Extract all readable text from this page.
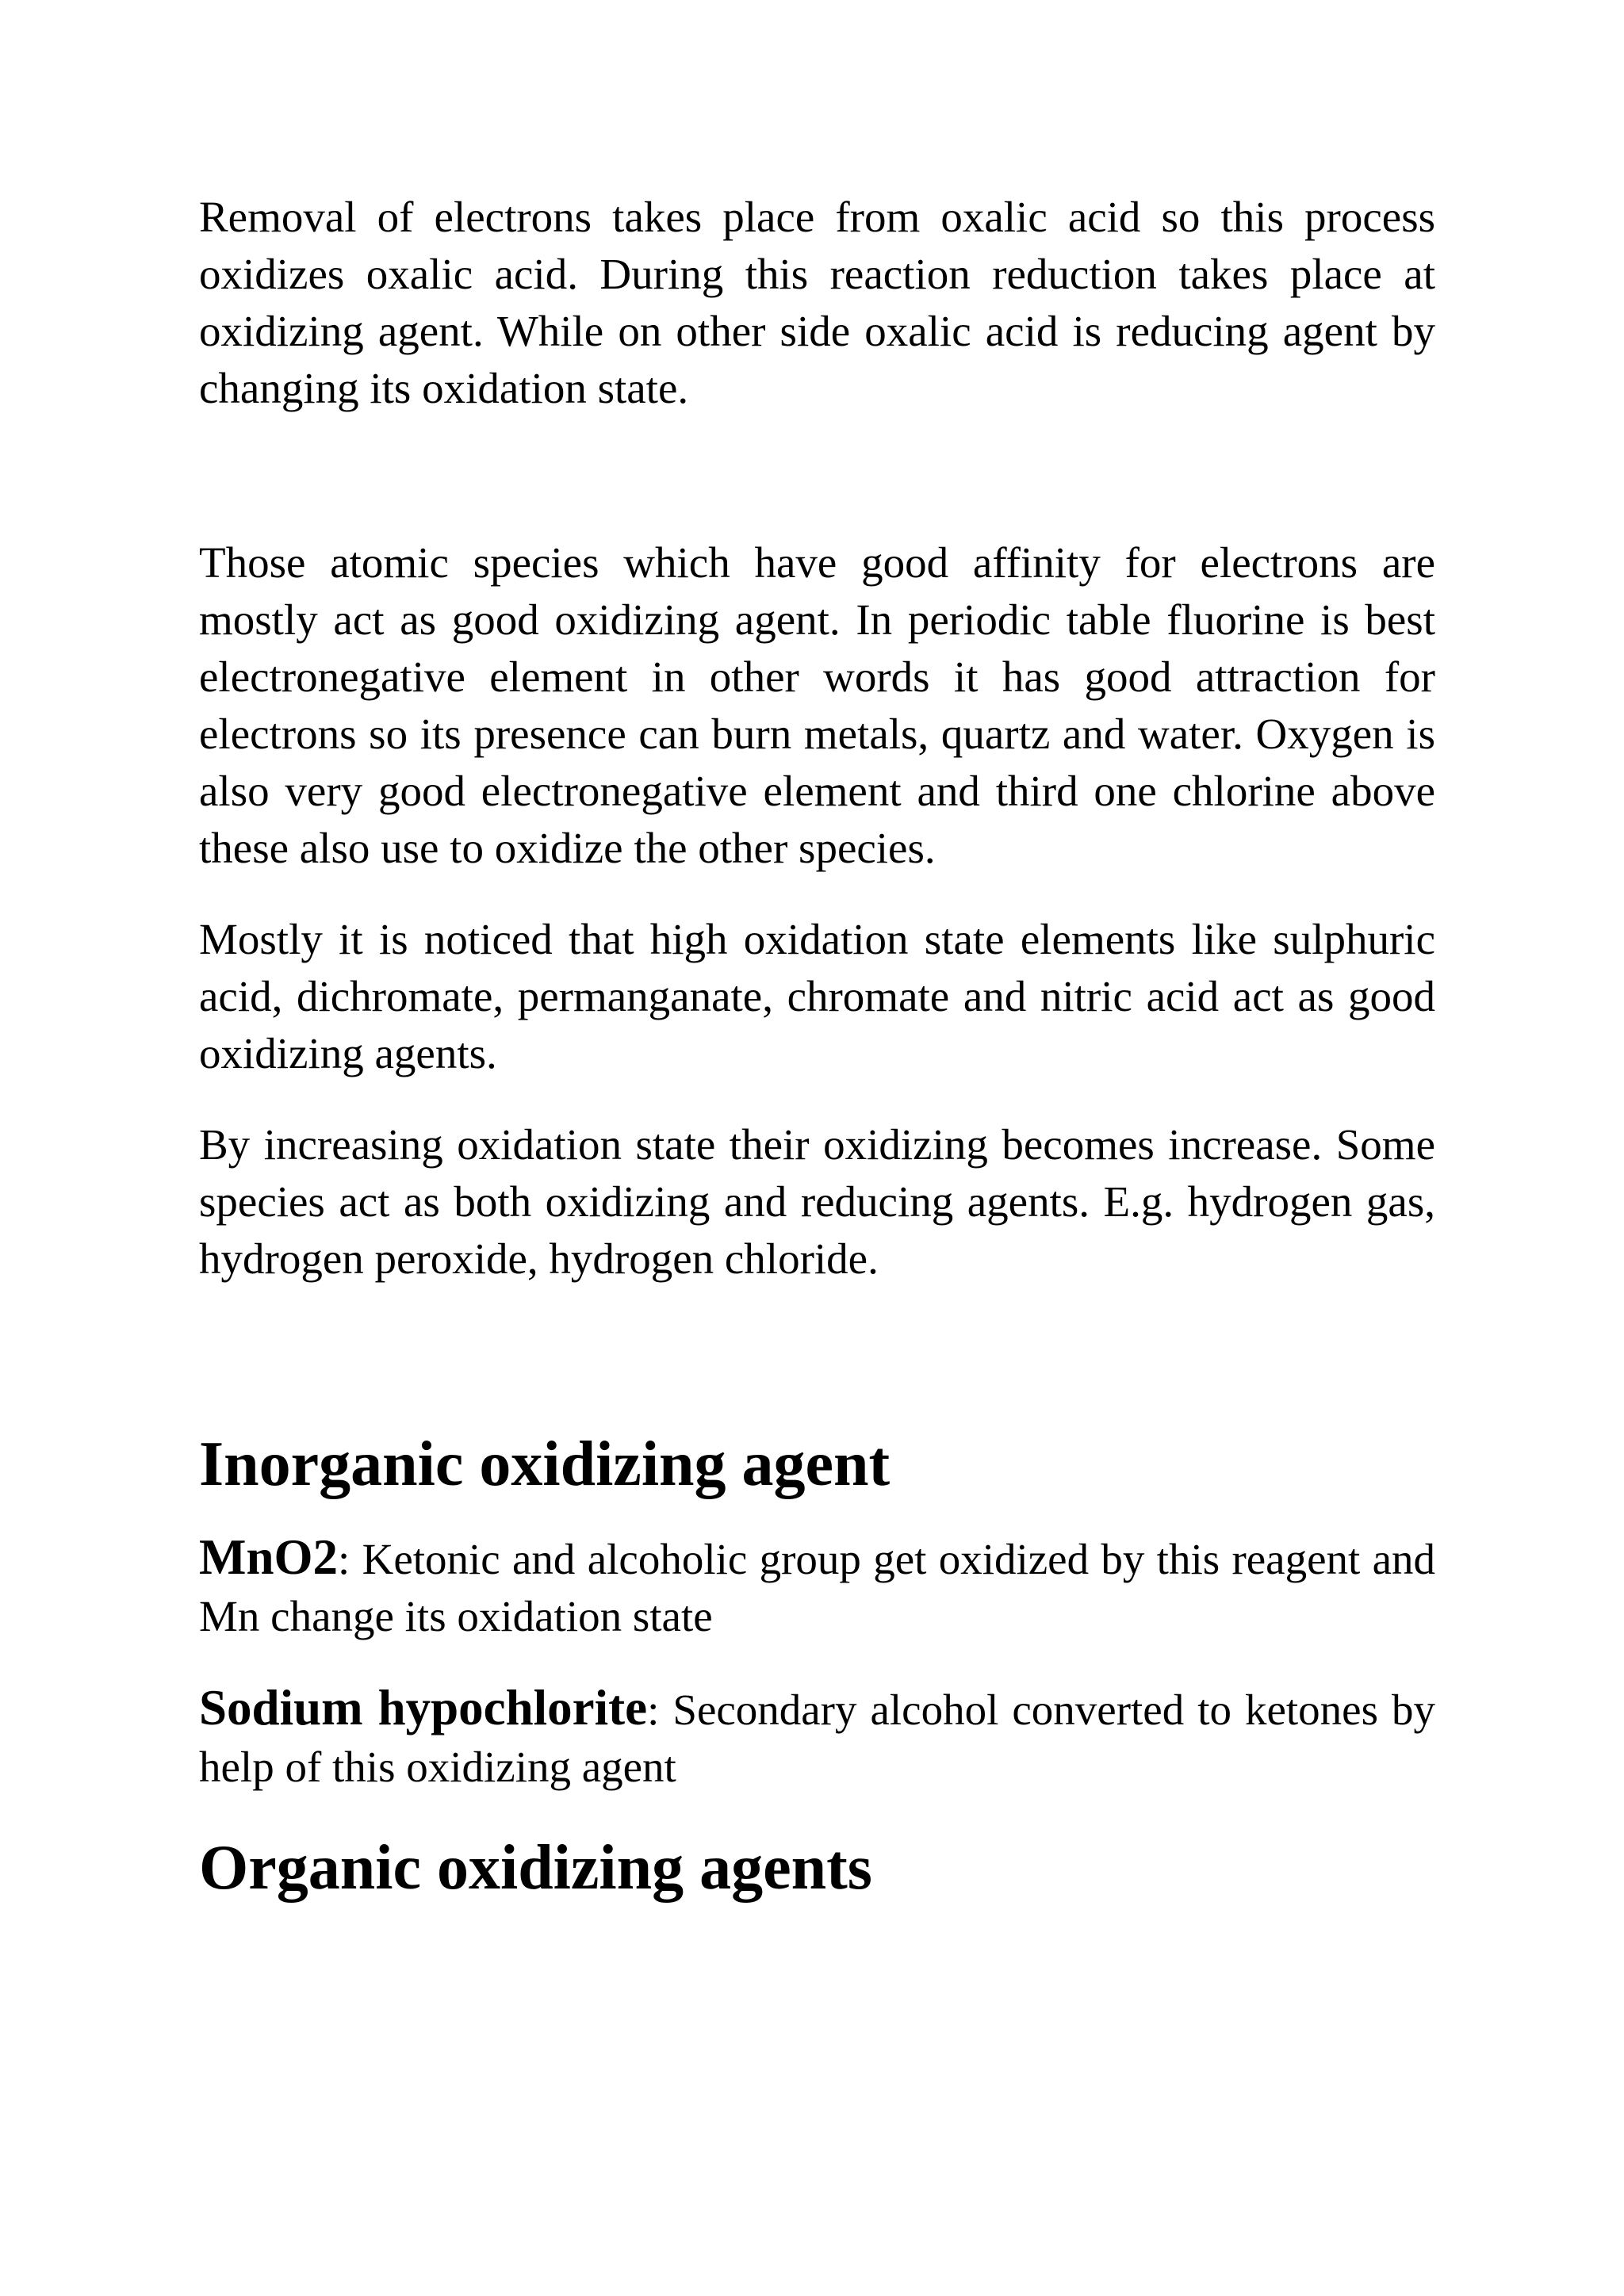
Removal of electrons takes place from oxalic acid so this process oxidizes oxalic acid. During this reaction reduction takes place at oxidizing agent. While on other side oxalic acid is reducing agent by changing its oxidation state.

Those atomic species which have good affinity for electrons are mostly act as good oxidizing agent. In periodic table fluorine is best electronegative element in other words it has good attraction for electrons so its presence can burn metals, quartz and water. Oxygen is also very good electronegative element and third one chlorine above these also use to oxidize the other species.

Mostly it is noticed that high oxidation state elements like sulphuric acid, dichromate, permanganate, chromate and nitric acid act as good oxidizing agents.

By increasing oxidation state their oxidizing becomes increase. Some species act as both oxidizing and reducing agents. E.g. hydrogen gas, hydrogen peroxide, hydrogen chloride.

Inorganic oxidizing agent

MnO2: Ketonic and alcoholic group get oxidized by this reagent and Mn change its oxidation state

Sodium hypochlorite: Secondary alcohol converted to ketones by help of this oxidizing agent

Organic oxidizing agents
